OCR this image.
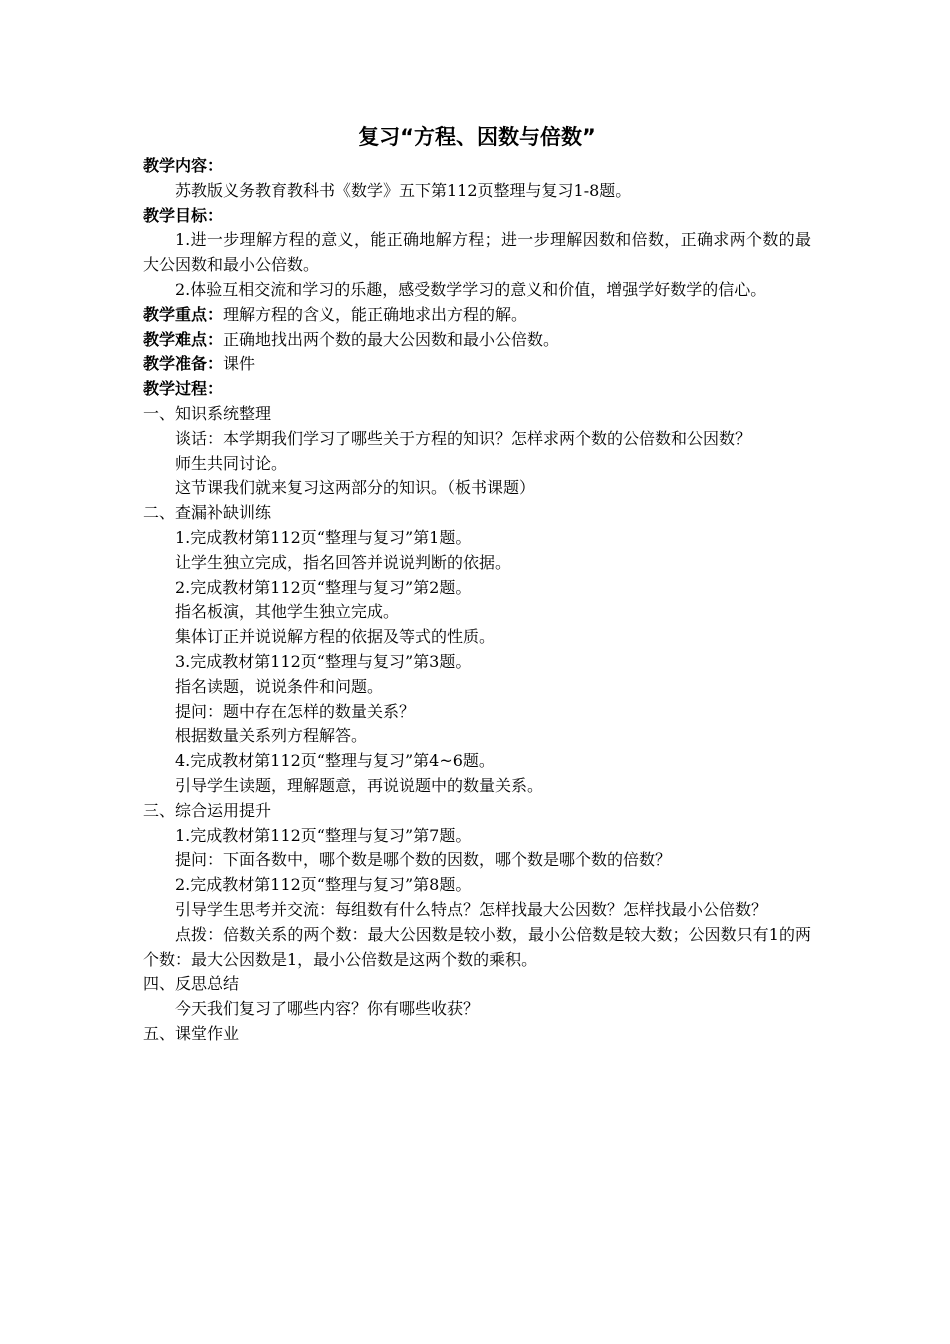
复习“方程、因数与倍数”
教学内容：
苏教版义务教育教科书《数学》五下第112页整理与复习1-8题。
教学目标：
1.进一步理解方程的意义，能正确地解方程；进一步理解因数和倍数，正确求两个数的最大公因数和最小公倍数。
2.体验互相交流和学习的乐趣，感受数学学习的意义和价值，增强学好数学的信心。
教学重点：理解方程的含义，能正确地求出方程的解。
教学难点：正确地找出两个数的最大公因数和最小公倍数。
教学准备：课件
教学过程：
一、知识系统整理
谈话：本学期我们学习了哪些关于方程的知识？怎样求两个数的公倍数和公因数？
师生共同讨论。
这节课我们就来复习这两部分的知识。（板书课题）
二、查漏补缺训练
1.完成教材第112页“整理与复习”第1题。
让学生独立完成，指名回答并说说判断的依据。
2.完成教材第112页“整理与复习”第2题。
指名板演，其他学生独立完成。
集体订正并说说解方程的依据及等式的性质。
3.完成教材第112页“整理与复习”第3题。
指名读题，说说条件和问题。
提问：题中存在怎样的数量关系？
根据数量关系列方程解答。
4.完成教材第112页“整理与复习”第4~6题。
引导学生读题，理解题意，再说说题中的数量关系。
三、综合运用提升
1.完成教材第112页“整理与复习”第7题。
提问：下面各数中，哪个数是哪个数的因数，哪个数是哪个数的倍数？
2.完成教材第112页“整理与复习”第8题。
引导学生思考并交流：每组数有什么特点？怎样找最大公因数？怎样找最小公倍数？
点拨：倍数关系的两个数：最大公因数是较小数，最小公倍数是较大数；公因数只有1的两个数：最大公因数是1，最小公倍数是这两个数的乘积。
四、反思总结
今天我们复习了哪些内容？你有哪些收获？
五、课堂作业
